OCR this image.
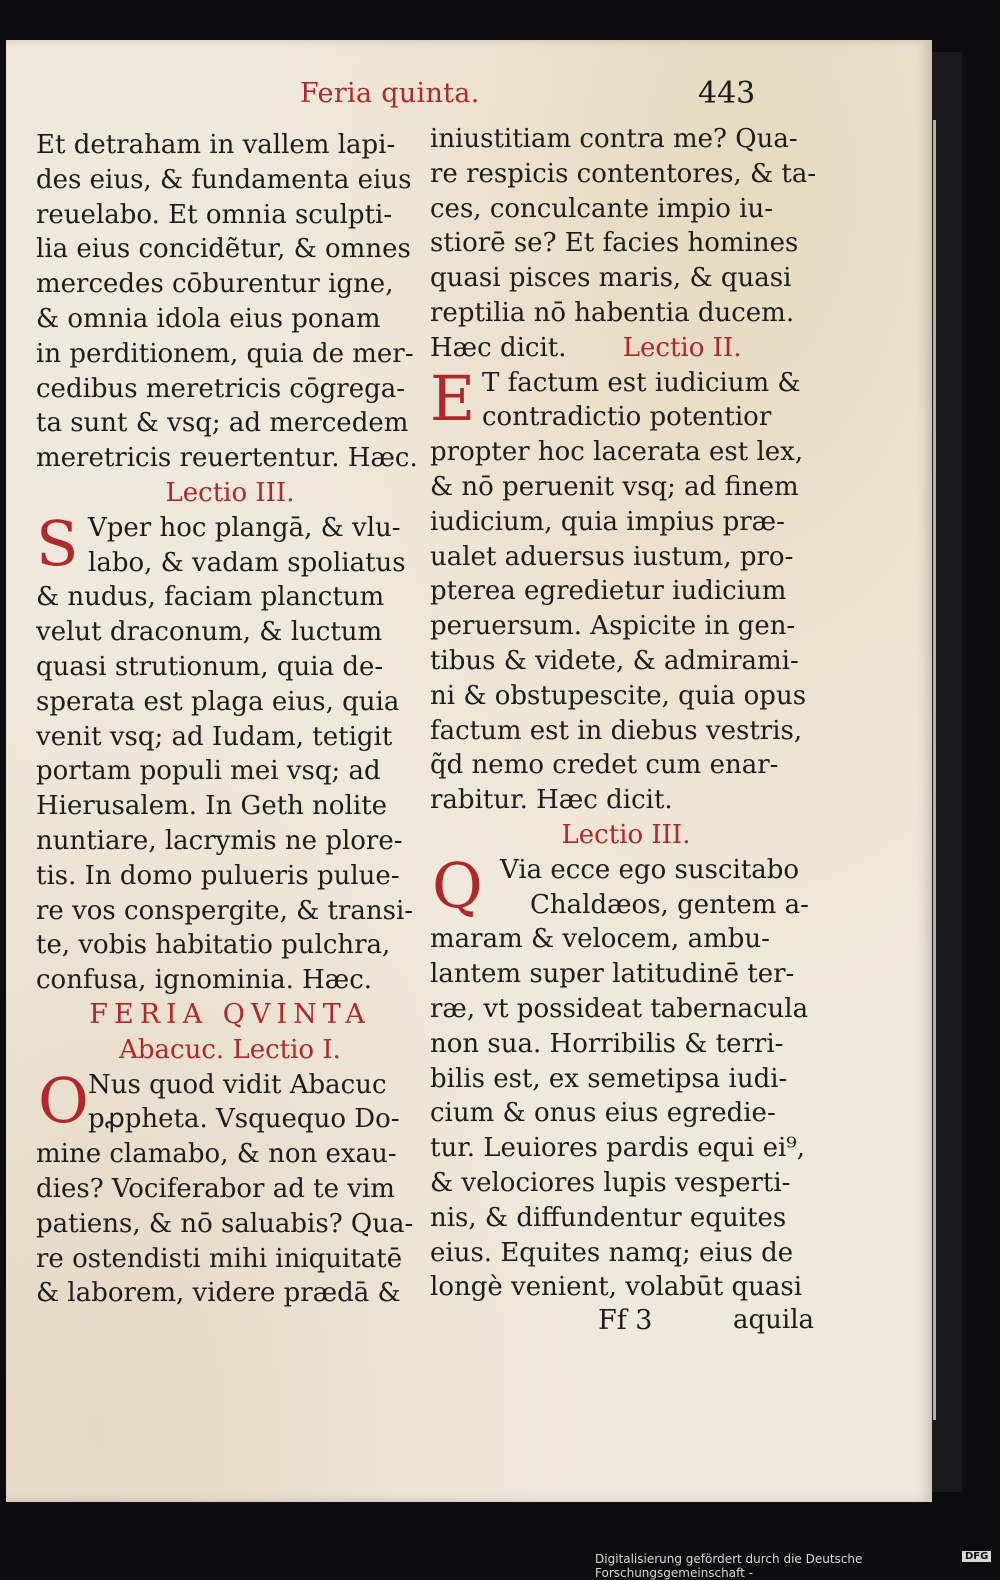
Feria quinta.	443
Et detraham in vallem lapi-
des eius, & fundamenta eius
reuelabo. Et omnia sculpti-
lia eius concidẽtur, & omnes
mercedes cōburentur igne,
& omnia idola eius ponam
in perditionem, quia de mer-
cedibus meretricis cōgrega-
ta sunt & vsq; ad mercedem
meretricis reuertentur. Hæc.
Lectio III.
S Vper hoc plangā, & vlu-
labo, & vadam spoliatus
& nudus, faciam planctum
velut draconum, & luctum
quasi strutionum, quia de-
sperata est plaga eius, quia
venit vsq; ad Iudam, tetigit
portam populi mei vsq; ad
Hierusalem. In Geth nolite
nuntiare, lacrymis ne plore-
tis. In domo pulueris pulue-
re vos conspergite, & transi-
te, vobis habitatio pulchra,
confusa, ignominia. Hæc.
FERIA QVINTA
Abacuc. Lectio I.
O Nus quod vidit Abacuc
pꝓpheta. Vsquequo Do-
mine clamabo, & non exau-
dies? Vociferabor ad te vim
patiens, & nō saluabis? Qua-
re ostendisti mihi iniquitatē
& laborem, videre prædā &
iniustitiam contra me? Qua-
re respicis contentores, & ta-
ces, conculcante impio iu-
stiorē se? Et facies homines
quasi pisces maris, & quasi
reptilia nō habentia ducem.
Hæc dicit. Lectio II.
E T factum est iudicium &
contradictio potentior
propter hoc lacerata est lex,
& nō peruenit vsq; ad finem
iudicium, quia impius præ-
ualet aduersus iustum, pro-
pterea egredietur iudicium
peruersum. Aspicite in gen-
tibus & videte, & admirami-
ni & obstupescite, quia opus
factum est in diebus vestris,
q̃d nemo credet cum enar-
rabitur. Hæc dicit.
Lectio III.
Q Via ecce ego suscitabo
Chaldæos, gentem a-
maram & velocem, ambu-
lantem super latitudinē ter-
ræ, vt possideat tabernacula
non sua. Horribilis & terri-
bilis est, ex semetipsa iudi-
cium & onus eius egredie-
tur. Leuiores pardis equi ei⁹,
& velociores lupis vesperti-
nis, & diffundentur equites
eius. Equites namq; eius de
longè venient, volabūt quasi
Ff 3	aquila
Digitalisierung gefördert durch die Deutsche Forschungsgemeinschaft -
DFG
